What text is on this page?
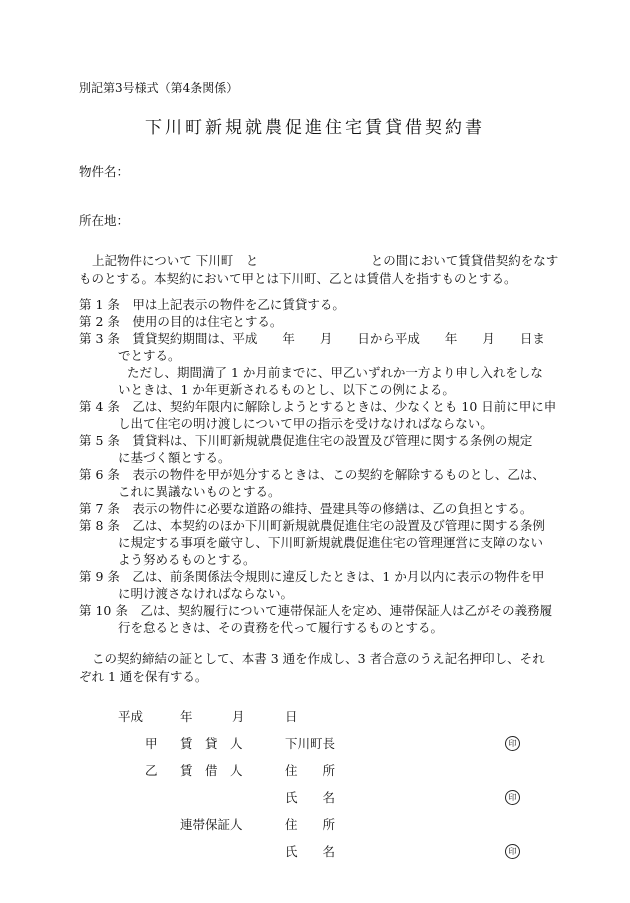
別記第3号様式（第4条関係）
下川町新規就農促進住宅賃貸借契約書
物件名：
所在地：
上記物件について 下川町　と　　　　　　　　　との間において賃貸借契約をなす
ものとする。本契約において甲とは下川町、乙とは賃借人を指すものとする。
第 1 条　甲は上記表示の物件を乙に賃貸する。
第 2 条　使用の目的は住宅とする。
第 3 条　賃貸契約期間は、平成　　年　　月　　日から平成　　年　　月　　日ま
でとする。
ただし、期間満了 1 か月前までに、甲乙いずれか一方より申し入れをしな
いときは、1 か年更新されるものとし、以下この例による。
第 4 条　乙は、契約年限内に解除しようとするときは、少なくとも 10 日前に甲に申
し出て住宅の明け渡しについて甲の指示を受けなければならない。
第 5 条　賃貸料は、下川町新規就農促進住宅の設置及び管理に関する条例の規定
に基づく額とする。
第 6 条　表示の物件を甲が処分するときは、この契約を解除するものとし、乙は、
これに異議ないものとする。
第 7 条　表示の物件に必要な道路の維持、畳建具等の修繕は、乙の負担とする。
第 8 条　乙は、本契約のほか下川町新規就農促進住宅の設置及び管理に関する条例
に規定する事項を厳守し、下川町新規就農促進住宅の管理運営に支障のない
よう努めるものとする。
第 9 条　乙は、前条関係法令規則に違反したときは、1 か月以内に表示の物件を甲
に明け渡さなければならない。
第 10 条　乙は、契約履行について連帯保証人を定め、連帯保証人は乙がその義務履
行を怠るときは、その責務を代って履行するものとする。
この契約締結の証として、本書 3 通を作成し、3 者合意のうえ記名押印し、それ
ぞれ 1 通を保有する。
平成	年	月	日
甲 賃　貸　人	下川町長	印
乙 賃　借　人	住　　所
氏　　名	印
連帯保証人	住　　所
氏　　名	印
